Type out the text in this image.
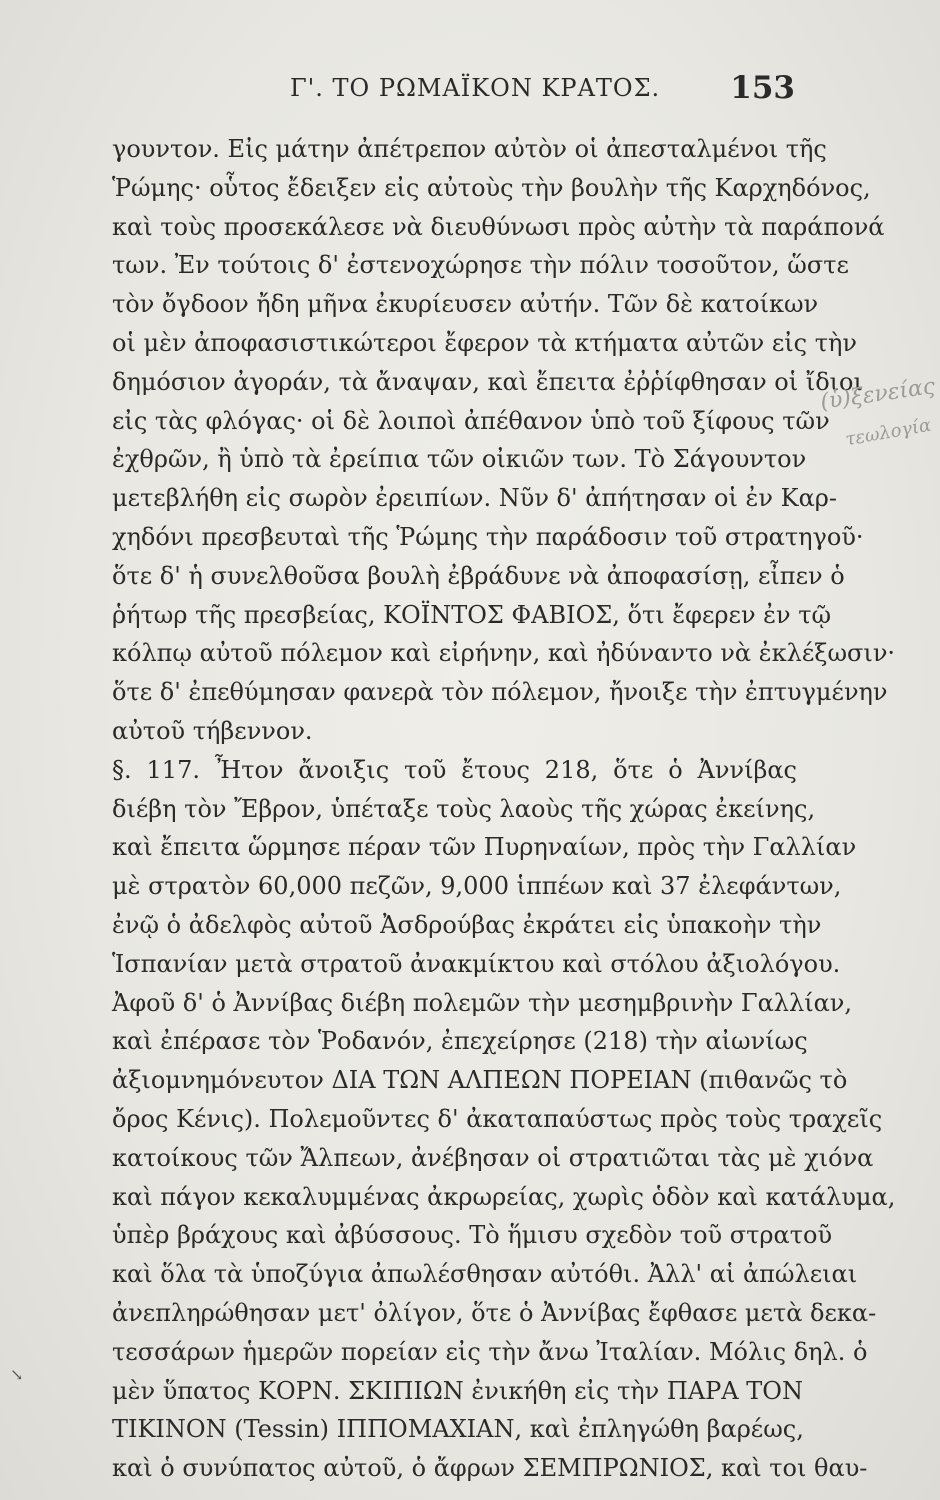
Γ'. ΤΟ ΡΩΜΑΪΚΟΝ ΚΡΑΤΟΣ. 153
γουντον. Εἰς μάτην ἀπέτρεπον αὐτὸν οἱ ἀπεσταλμένοι τῆς
Ῥώμης· οὗτος ἔδειξεν εἰς αὐτοὺς τὴν βουλὴν τῆς Καρχηδόνος,
καὶ τοὺς προσεκάλεσε νὰ διευθύνωσι πρὸς αὐτὴν τὰ παράπονά
των. Ἐν τούτοις δ' ἐστενοχώρησε τὴν πόλιν τοσοῦτον, ὥστε
τὸν ὄγδοον ἤδη μῆνα ἐκυρίευσεν αὐτήν. Τῶν δὲ κατοίκων
οἱ μὲν ἀποφασιστικώτεροι ἔφερον τὰ κτήματα αὐτῶν εἰς τὴν
δημόσιον ἀγοράν, τὰ ἄναψαν, καὶ ἔπειτα ἐῤῥίφθησαν οἱ ἴδιοι
εἰς τὰς φλόγας· οἱ δὲ λοιποὶ ἀπέθανον ὑπὸ τοῦ ξίφους τῶν
ἐχθρῶν, ἢ ὑπὸ τὰ ἐρείπια τῶν οἰκιῶν των. Τὸ Σάγουντον
μετεβλήθη εἰς σωρὸν ἐρειπίων. Νῦν δ' ἀπήτησαν οἱ ἐν Καρ-
χηδόνι πρεσβευταὶ τῆς Ῥώμης τὴν παράδοσιν τοῦ στρατηγοῦ·
ὅτε δ' ἡ συνελθοῦσα βουλὴ ἐβράδυνε νὰ ἀποφασίσῃ, εἶπεν ὁ
ῥήτωρ τῆς πρεσβείας, ΚΟΪΝΤΟΣ ΦΑΒΙΟΣ, ὅτι ἔφερεν ἐν τῷ
κόλπῳ αὐτοῦ πόλεμον καὶ εἰρήνην, καὶ ἠδύναντο νὰ ἐκλέξωσιν·
ὅτε δ' ἐπεθύμησαν φανερὰ τὸν πόλεμον, ἤνοιξε τὴν ἐπτυγμένην
αὐτοῦ τήβεννον.
§. 117. Ἦτον ἄνοιξις τοῦ ἔτους 218, ὅτε ὁ Ἀννίβας
διέβη τὸν Ἔβρον, ὑπέταξε τοὺς λαοὺς τῆς χώρας ἐκείνης,
καὶ ἔπειτα ὥρμησε πέραν τῶν Πυρηναίων, πρὸς τὴν Γαλλίαν
μὲ στρατὸν 60,000 πεζῶν, 9,000 ἱππέων καὶ 37 ἐλεφάντων,
ἐνῷ ὁ ἀδελφὸς αὐτοῦ Ἀσδρούβας ἐκράτει εἰς ὑπακοὴν τὴν
Ἱσπανίαν μετὰ στρατοῦ ἀνακμίκτου καὶ στόλου ἀξιολόγου.
Ἀφοῦ δ' ὁ Ἀννίβας διέβη πολεμῶν τὴν μεσημβρινὴν Γαλλίαν,
καὶ ἐπέρασε τὸν Ῥοδανόν, ἐπεχείρησε (218) τὴν αἰωνίως
ἀξιομνημόνευτον ΔΙΑ ΤΩΝ ΑΛΠΕΩΝ ΠΟΡΕΙΑΝ (πιθανῶς τὸ
ὄρος Κένις). Πολεμοῦντες δ' ἀκαταπαύστως πρὸς τοὺς τραχεῖς
κατοίκους τῶν Ἄλπεων, ἀνέβησαν οἱ στρατιῶται τὰς μὲ χιόνα
καὶ πάγον κεκαλυμμένας ἀκρωρείας, χωρὶς ὁδὸν καὶ κατάλυμα,
ὑπὲρ βράχους καὶ ἀβύσσους. Τὸ ἥμισυ σχεδὸν τοῦ στρατοῦ
καὶ ὅλα τὰ ὑποζύγια ἀπωλέσθησαν αὐτόθι. Ἀλλ' αἱ ἀπώλειαι
ἀνεπληρώθησαν μετ' ὀλίγον, ὅτε ὁ Ἀννίβας ἔφθασε μετὰ δεκα-
τεσσάρων ἡμερῶν πορείαν εἰς τὴν ἄνω Ἰταλίαν. Μόλις δηλ. ὁ
μὲν ὕπατος ΚΟΡΝ. ΣΚΙΠΙΩΝ ἐνικήθη εἰς τὴν ΠΑΡΑ ΤΟΝ
ΤΙΚΙΝΟΝ (Tessin) ΙΠΠΟΜΑΧΙΑΝ, καὶ ἐπληγώθη βαρέως,
καὶ ὁ συνύπατος αὐτοῦ, ὁ ἄφρων ΣΕΜΠΡΩΝΙΟΣ, καὶ τοι θαυ-
(ὑ)ξενείας
τεωλογία
↘
